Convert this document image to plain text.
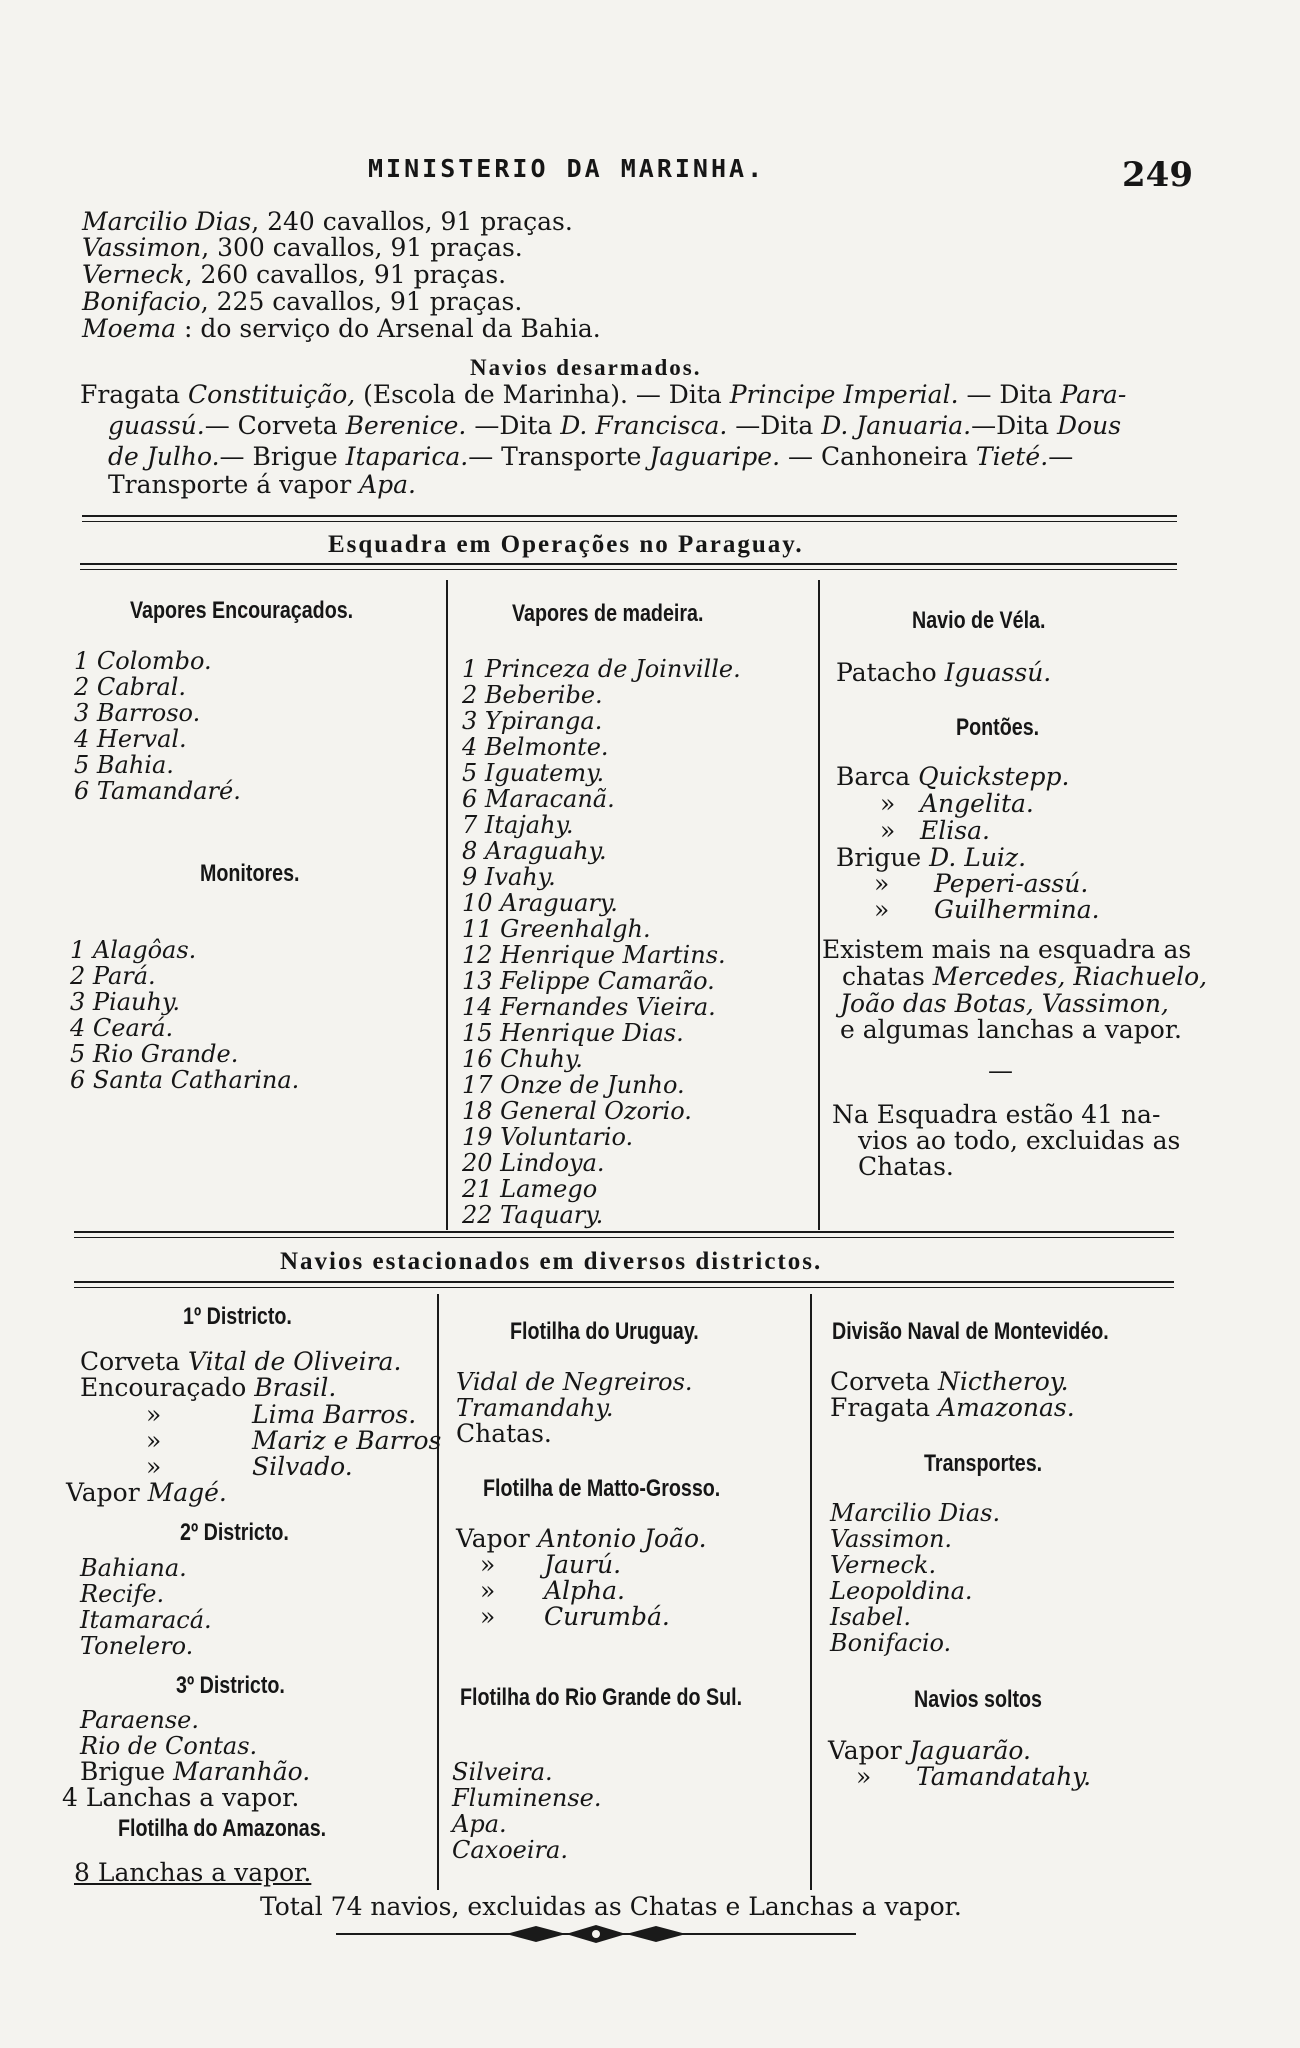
MINISTERIO DA MARINHA.	249
Marcilio Dias, 240 cavallos, 91 praças.
Vassimon, 300 cavallos, 91 praças.
Verneck, 260 cavallos, 91 praças.
Bonifacio, 225 cavallos, 91 praças.
Moema : do serviço do Arsenal da Bahia.
Navios desarmados.
Fragata Constituição, (Escola de Marinha). — Dita Principe Imperial. — Dita Para-
guassú.— Corveta Berenice. —Dita D. Francisca. —Dita D. Januaria.—Dita Dous
de Julho.— Brigue Itaparica.— Transporte Jaguaripe. — Canhoneira Tieté.—
Transporte á vapor Apa.
Esquadra em Operações no Paraguay.
Vapores Encouraçados.
1 Colombo.
2 Cabral.
3 Barroso.
4 Herval.
5 Bahia.
6 Tamandaré.
Monitores.
1 Alagôas.
2 Pará.
3 Piauhy.
4 Ceará.
5 Rio Grande.
6 Santa Catharina.
Vapores de madeira.
1 Princeza de Joinville.
2 Beberibe.
3 Ypiranga.
4 Belmonte.
5 Iguatemy.
6 Maracanã.
7 Itajahy.
8 Araguahy.
9 Ivahy.
10 Araguary.
11 Greenhalgh.
12 Henrique Martins.
13 Felippe Camarão.
14 Fernandes Vieira.
15 Henrique Dias.
16 Chuhy.
17 Onze de Junho.
18 General Ozorio.
19 Voluntario.
20 Lindoya.
21 Lamego
22 Taquary.
Navio de Véla.
Patacho Iguassú.
Pontões.
Barca Quickstepp.
» Angelita.
» Elisa.
Brigue D. Luiz.
» Peperi-assú.
» Guilhermina.
Existem mais na esquadra as
chatas Mercedes, Riachuelo,
João das Botas, Vassimon,
e algumas lanchas a vapor.
—
Na Esquadra estão 41 na-
vios ao todo, excluidas as
Chatas.
Navios estacionados em diversos districtos.
1º Districto.
Corveta Vital de Oliveira.
Encouraçado Brasil.
»	Lima Barros.
»	Mariz e Barros
»	Silvado.
Vapor Magé.
2º Districto.
Bahiana.
Recife.
Itamaracá.
Tonelero.
3º Districto.
Paraense.
Rio de Contas.
Brigue Maranhão.
4 Lanchas a vapor.
Flotilha do Amazonas.
8 Lanchas a vapor.
Flotilha do Uruguay.
Vidal de Negreiros.
Tramandahy.
Chatas.
Flotilha de Matto-Grosso.
Vapor Antonio João.
» Jaurú.
» Alpha.
» Curumbá.
Flotilha do Rio Grande do Sul.
Silveira.
Fluminense.
Apa.
Caxoeira.
Divisão Naval de Montevidéo.
Corveta Nictheroy.
Fragata Amazonas.
Transportes.
Marcilio Dias.
Vassimon.
Verneck.
Leopoldina.
Isabel.
Bonifacio.
Navios soltos
Vapor Jaguarão.
» Tamandatahy.
Total 74 navios, excluidas as Chatas e Lanchas a vapor.
